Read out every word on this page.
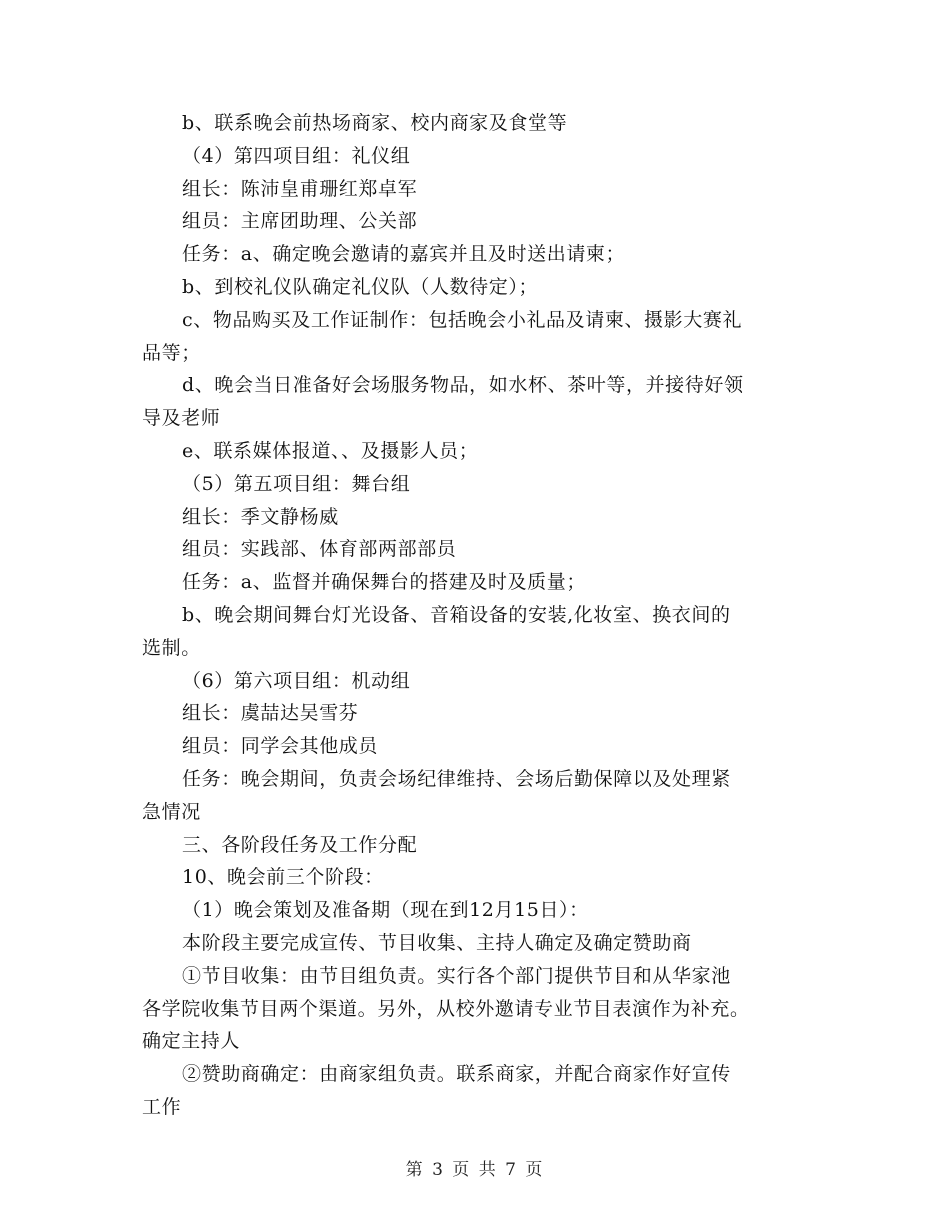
b、联系晚会前热场商家、校内商家及食堂等
（4）第四项目组：礼仪组
组长：陈沛皇甫珊红郑卓军
组员：主席团助理、公关部
任务：a、确定晚会邀请的嘉宾并且及时送出请柬；
b、到校礼仪队确定礼仪队（人数待定）；
c、物品购买及工作证制作：包括晚会小礼品及请柬、摄影大赛礼
品等；
d、晚会当日准备好会场服务物品，如水杯、茶叶等，并接待好领
导及老师
e、联系媒体报道、、及摄影人员；
（5）第五项目组：舞台组
组长：季文静杨威
组员：实践部、体育部两部部员
任务：a、监督并确保舞台的搭建及时及质量；
b、晚会期间舞台灯光设备、音箱设备的安装,化妆室、换衣间的
选制。
（6）第六项目组：机动组
组长：虞喆达吴雪芬
组员：同学会其他成员
任务：晚会期间，负责会场纪律维持、会场后勤保障以及处理紧
急情况
三、各阶段任务及工作分配
10、晚会前三个阶段：
（1）晚会策划及准备期（现在到12月15日）：
本阶段主要完成宣传、节目收集、主持人确定及确定赞助商
①节目收集：由节目组负责。实行各个部门提供节目和从华家池
各学院收集节目两个渠道。另外，从校外邀请专业节目表演作为补充。
确定主持人
②赞助商确定：由商家组负责。联系商家，并配合商家作好宣传
工作
第 3 页 共 7 页
